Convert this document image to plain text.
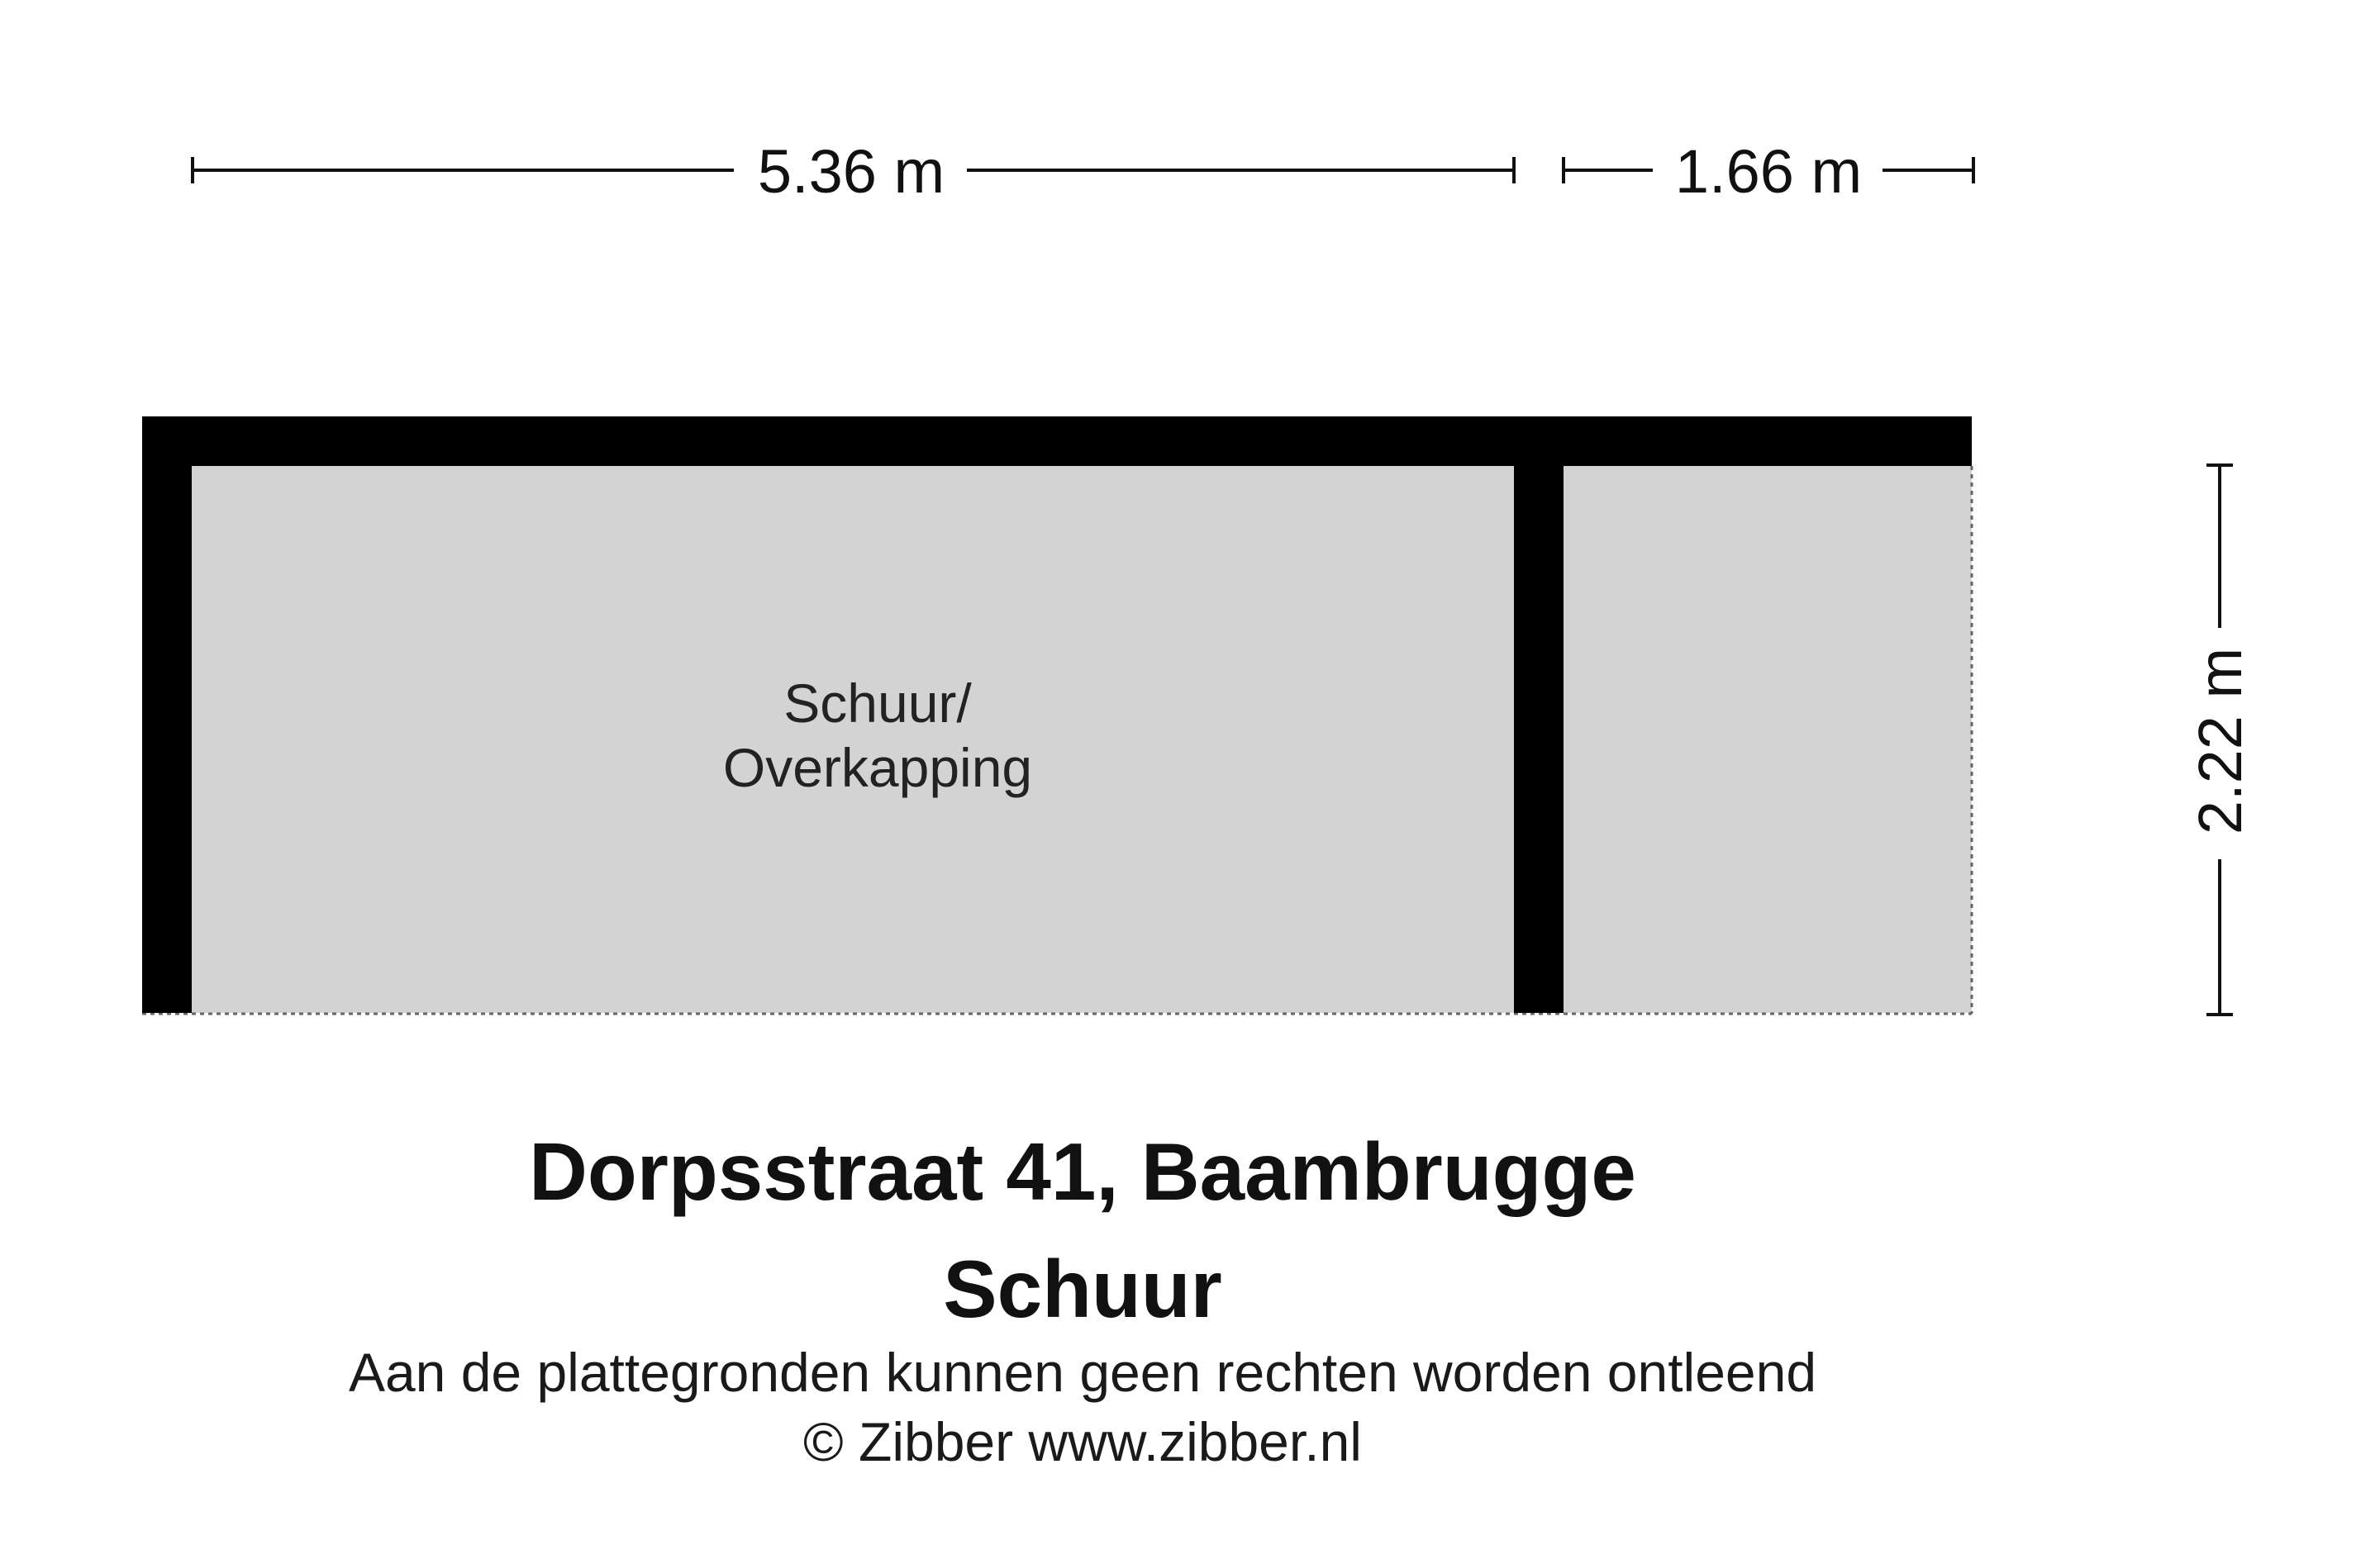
5.36 m	1.66 m
2.22 m
Schuur/
Overkapping
Dorpsstraat 41, Baambrugge
Schuur
Aan de plattegronden kunnen geen rechten worden ontleend
© Zibber www.zibber.nl
